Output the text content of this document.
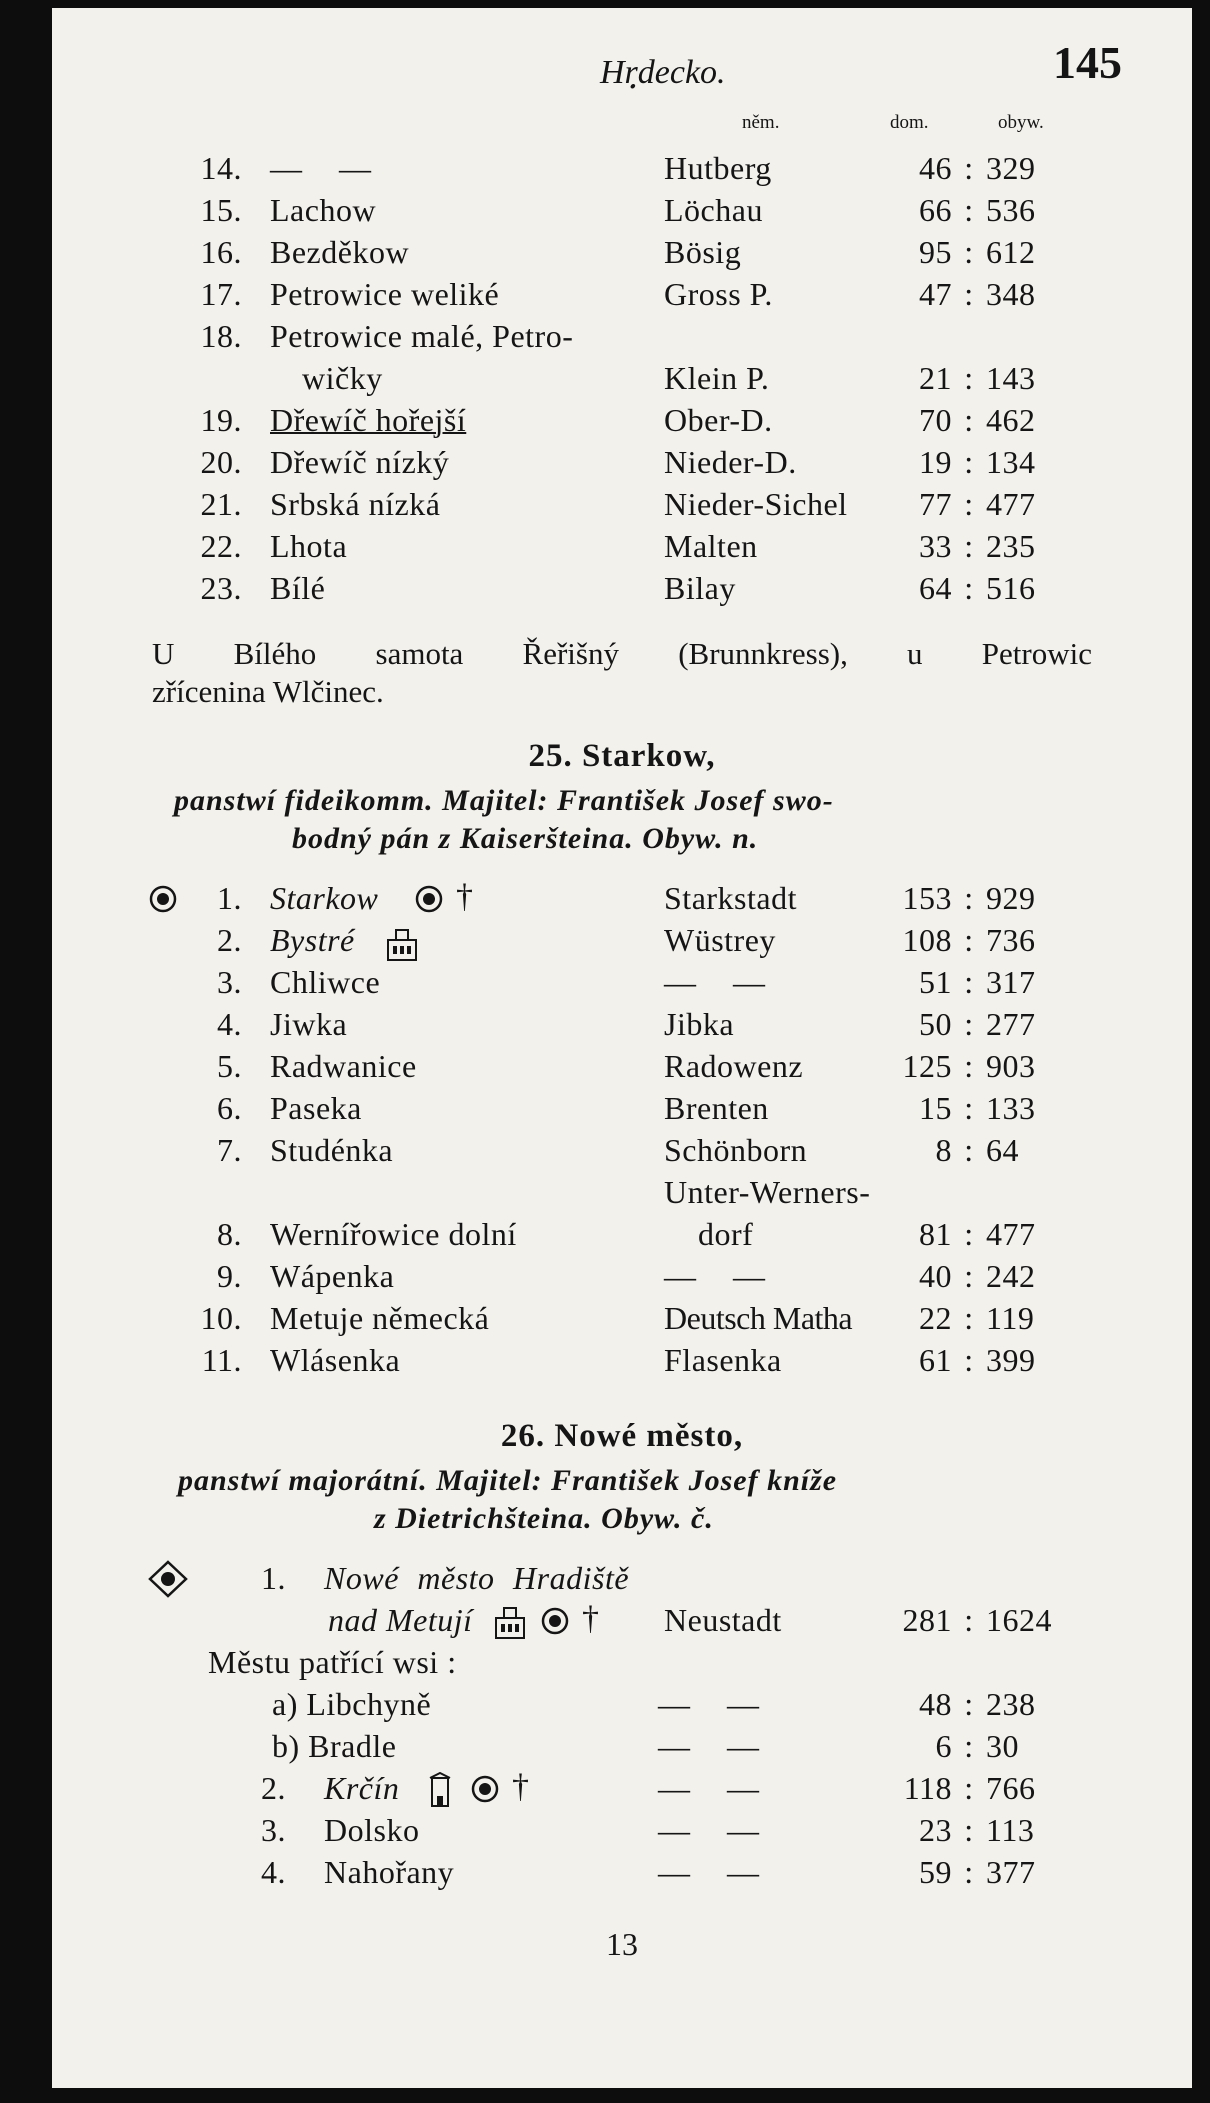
Hrฺdecko.	145
něm.	dom.	obyw.
14. — —	Hutberg	46 : 329
15. Lachow	Löchau	66 : 536
16. Bezděkow	Bösig	95 : 612
17. Petrowice weliké	Gross P.	47 : 348
18. Petrowice malé, Petro-
wičky	Klein P.	21 : 143
19. Dřewíč hořejší	Ober-D.	70 : 462
20. Dřewíč nízký	Nieder-D.	19 : 134
21. Srbská nízká	Nieder-Sichel	77 : 477
22. Lhota	Malten	33 : 235
23. Bílé	Bilay	64 : 516
U Bílého samota Řeřišný (Brunnkress), u Petrowic
zřícenina Wlčinec.
25. Starkow,
panstwí fideikomm. Majitel: František Josef swo-
bodný pán z Kaiseršteina. Obyw. n.
1. Starkow †	Starkstadt	153 : 929
2. Bystré	Wüstrey	108 : 736
3. Chliwce	— —	51 : 317
4. Jiwka	Jibka	50 : 277
5. Radwanice	Radowenz	125 : 903
6. Paseka	Brenten	15 : 133
7. Studénka	Schönborn	8 : 64
Unter-Werners-
8. Wernířowice dolní	dorf	81 : 477
9. Wápenka	— —	40 : 242
10. Metuje německá	Deutsch Matha	22 : 119
11. Wlásenka	Flasenka	61 : 399
26. Nowé město,
panstwí majorátní. Majitel: František Josef kníže
z Dietrichšteina. Obyw. č.
1. Nowé město Hradiště
nad Metují	† Neustadt	281 : 1624
Městu patřící wsi :
a) Libchyně	— —	48 : 238
b) Bradle	— —	6 : 30
2. Krčín	†	— —	118 : 766
3. Dolsko	— —	23 : 113
4. Nahořany	— —	59 : 377
13
